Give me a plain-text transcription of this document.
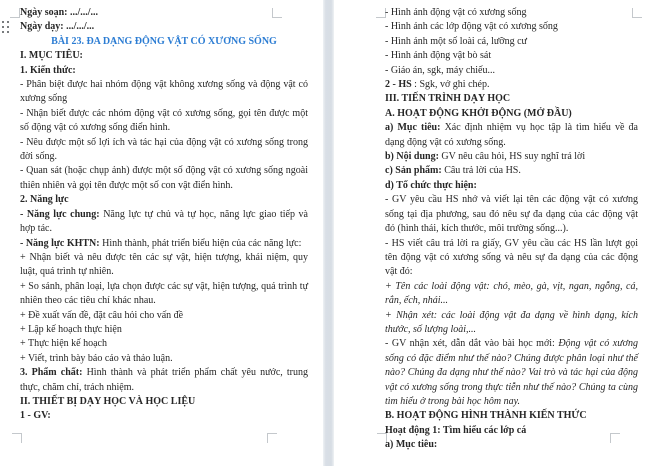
Ngày soạn: .../.../...
Ngày dạy: .../.../...
BÀI 23. ĐA DẠNG ĐỘNG VẬT CÓ XƯƠNG SỐNG
I. MỤC TIÊU:
1. Kiến thức:
- Phân biệt được hai nhóm động vật không xương sống và động vật có xương sống
- Nhận biết được các nhóm động vật có xương sống, gọi tên được một số động vật có xương sống điển hình.
- Nêu được một số lợi ích và tác hại của động vật có xương sống trong đời sống.
- Quan sát (hoặc chụp ảnh) được một số động vật có xương sống ngoài thiên nhiên và gọi tên được một số con vật điển hình.
2. Năng lực
- Năng lực chung: Năng lực tự chủ và tự học, năng lực giao tiếp và hợp tác.
- Năng lực KHTN: Hình thành, phát triển biểu hiện của các năng lực:
+ Nhận biết và nêu được tên các sự vật, hiện tượng, khái niệm, quy luật, quá trình tự nhiên.
+ So sánh, phân loại, lựa chọn được các sự vật, hiện tượng, quá trình tự nhiên theo các tiêu chí khác nhau.
+ Đề xuất vấn đề, đặt câu hỏi cho vấn đề
+ Lập kế hoạch thực hiện
+ Thực hiện kế hoạch
+ Viết, trình bày báo cáo và thảo luận.
3. Phẩm chất: Hình thành và phát triển phẩm chất yêu nước, trung thực, chăm chỉ, trách nhiệm.
II. THIẾT BỊ DẠY HỌC VÀ HỌC LIỆU
1 - GV:
- Hình ảnh động vật có xương sống
- Hình ảnh các lớp động vật có xương sống
- Hình ảnh một số loài cá, lưỡng cư
- Hình ảnh động vật bò sát
- Giáo án, sgk, máy chiếu...
2 - HS : Sgk, vở ghi chép.
III. TIẾN TRÌNH DẠY HỌC
A. HOẠT ĐỘNG KHỞI ĐỘNG (MỞ ĐẦU)
a) Mục tiêu: Xác định nhiệm vụ học tập là tìm hiểu về đa dạng động vật có xương sống.
b) Nội dung: GV nêu câu hỏi, HS suy nghĩ trả lời
c) Sản phẩm: Câu trả lời của HS.
d) Tổ chức thực hiện:
- GV yêu cầu HS nhớ và viết lại tên các động vật có xương sống tại địa phương, sau đó nêu sự đa dạng của các động vật đó (hình thái, kích thước, môi trường sống...).
- HS viết câu trả lời ra giấy, GV yêu cầu các HS lần lượt gọi tên động vật có xương sống và nêu sự đa dạng của các động vật đó:
+ Tên các loài động vật: chó, mèo, gà, vịt, ngan, ngỗng, cá, rắn, ếch, nhái...
+ Nhận xét: các loài động vật đa dạng về hình dạng, kích thước, số lượng loài,...
- GV nhận xét, dẫn dắt vào bài học mới: Động vật có xương sống có đặc điểm như thế nào? Chúng được phân loại như thế nào? Chúng đa dạng như thế nào? Vai trò và tác hại của động vật có xương sống trong thực tiễn như thế nào? Chúng ta cùng tìm hiểu ở trong bài học hôm nay.
B. HOẠT ĐỘNG HÌNH THÀNH KIẾN THỨC
Hoạt động 1: Tìm hiểu các lớp cá
a) Mục tiêu:
